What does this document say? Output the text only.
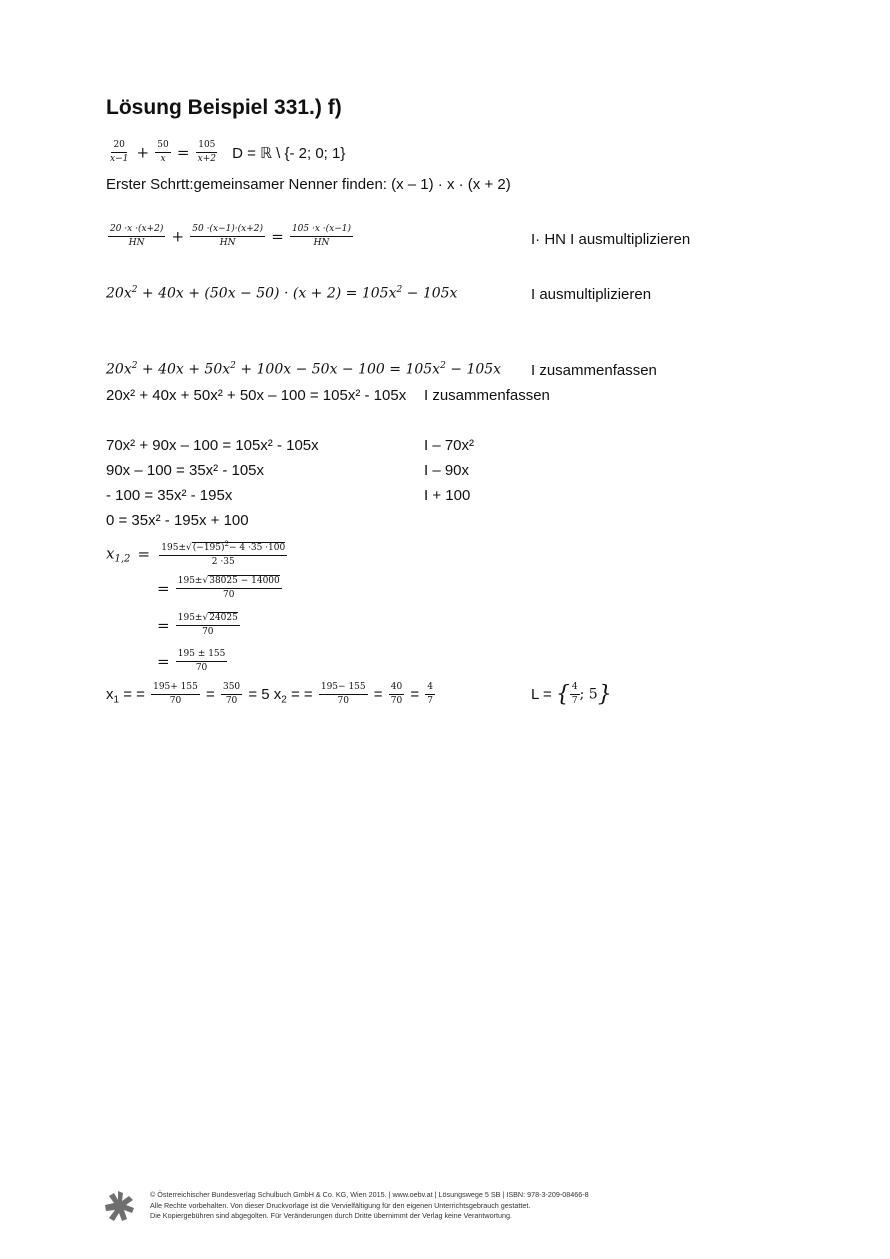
Lösung Beispiel 331.) f)
$\frac{20}{x-1} + \frac{50}{x} = \frac{105}{x+2}$ D = ℝ \ {- 2; 0; 1}
Erster Schrtt:gemeinsamer Nenner finden: (x – 1) · x · (x + 2)
$\frac{20 \cdot x \cdot(x+2)}{HN} + \frac{50 \cdot(x-1)\cdot(x+2)}{HN} = \frac{105 \cdot x \cdot(x-1)}{HN}$	I· HN I ausmultiplizieren
$20x^2 + 40x + (50x - 50) \cdot (x + 2) = 105x^2 - 105x$	I ausmultiplizieren
$20x^2 + 40x + 50x^2 + 100x - 50x - 100 = 105x^2 - 105x$ I zusammenfassen
20x² + 40x + 50x² + 50x – 100 = 105x² - 105x I zusammenfassen
70x² + 90x – 100 = 105x² - 105x	I – 70x²
90x – 100 = 35x² - 105x	I – 90x
- 100 = 35x² - 195x	I + 100
0 = 35x² - 195x + 100
$x_{1,2} = \frac{195\pm√(-195)^2- 4 \cdot 35 \cdot 100}{2 \cdot 35}$
= $\frac{195\pm√38025 - 14000}{70}$
= $\frac{195\pm√24025}{70}$
= $\frac{195 \pm 155}{70}$
$x_1$ = = $\frac{195+ 155}{70} = \frac{350}{70} = 5$ $x_2$ = = $\frac{195- 155}{70} = \frac{40}{70} = \frac{4}{7}$	L = { $\frac{4}{7}$ ; 5}
© Österreichischer Bundesverlag Schulbuch GmbH & Co. KG, Wien 2015. | www.oebv.at | Lösungswege 5 SB | ISBN: 978-3-209-08466-8
Alle Rechte vorbehalten. Von dieser Druckvorlage ist die Vervielfältigung für den eigenen Unterrichtsgebrauch gestattet.
Die Kopiergebühren sind abgegolten. Für Veränderungen durch Dritte übernimmt der Verlag keine Verantwortung.
